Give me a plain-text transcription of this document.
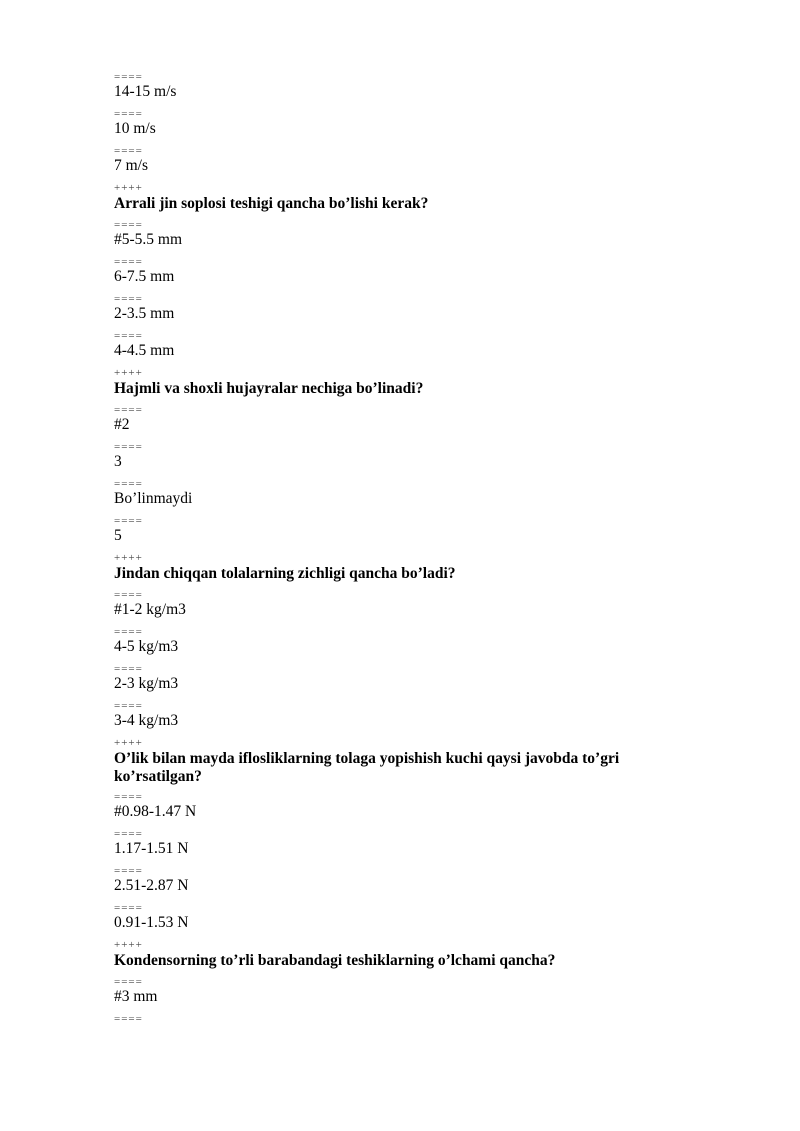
====
14-15 m/s
====
10 m/s
====
7 m/s
++++
Arrali jin soplosi teshigi qancha bo’lishi kerak?
====
#5-5.5 mm
====
6-7.5 mm
====
2-3.5 mm
====
4-4.5 mm
++++
Hajmli va shoxli hujayralar nechiga bo’linadi?
====
#2
====
3
====
Bo’linmaydi
====
5
++++
Jindan chiqqan tolalarning zichligi qancha bo’ladi?
====
#1-2 kg/m3
====
4-5 kg/m3
====
2-3 kg/m3
====
3-4 kg/m3
++++
O’lik bilan mayda iflosliklarning tolaga yopishish kuchi qaysi javobda to’gri ko’rsatilgan?
====
#0.98-1.47 N
====
1.17-1.51 N
====
2.51-2.87 N
====
0.91-1.53 N
++++
Kondensorning to’rli barabandagi teshiklarning o’lchami qancha?
====
#3 mm
====
